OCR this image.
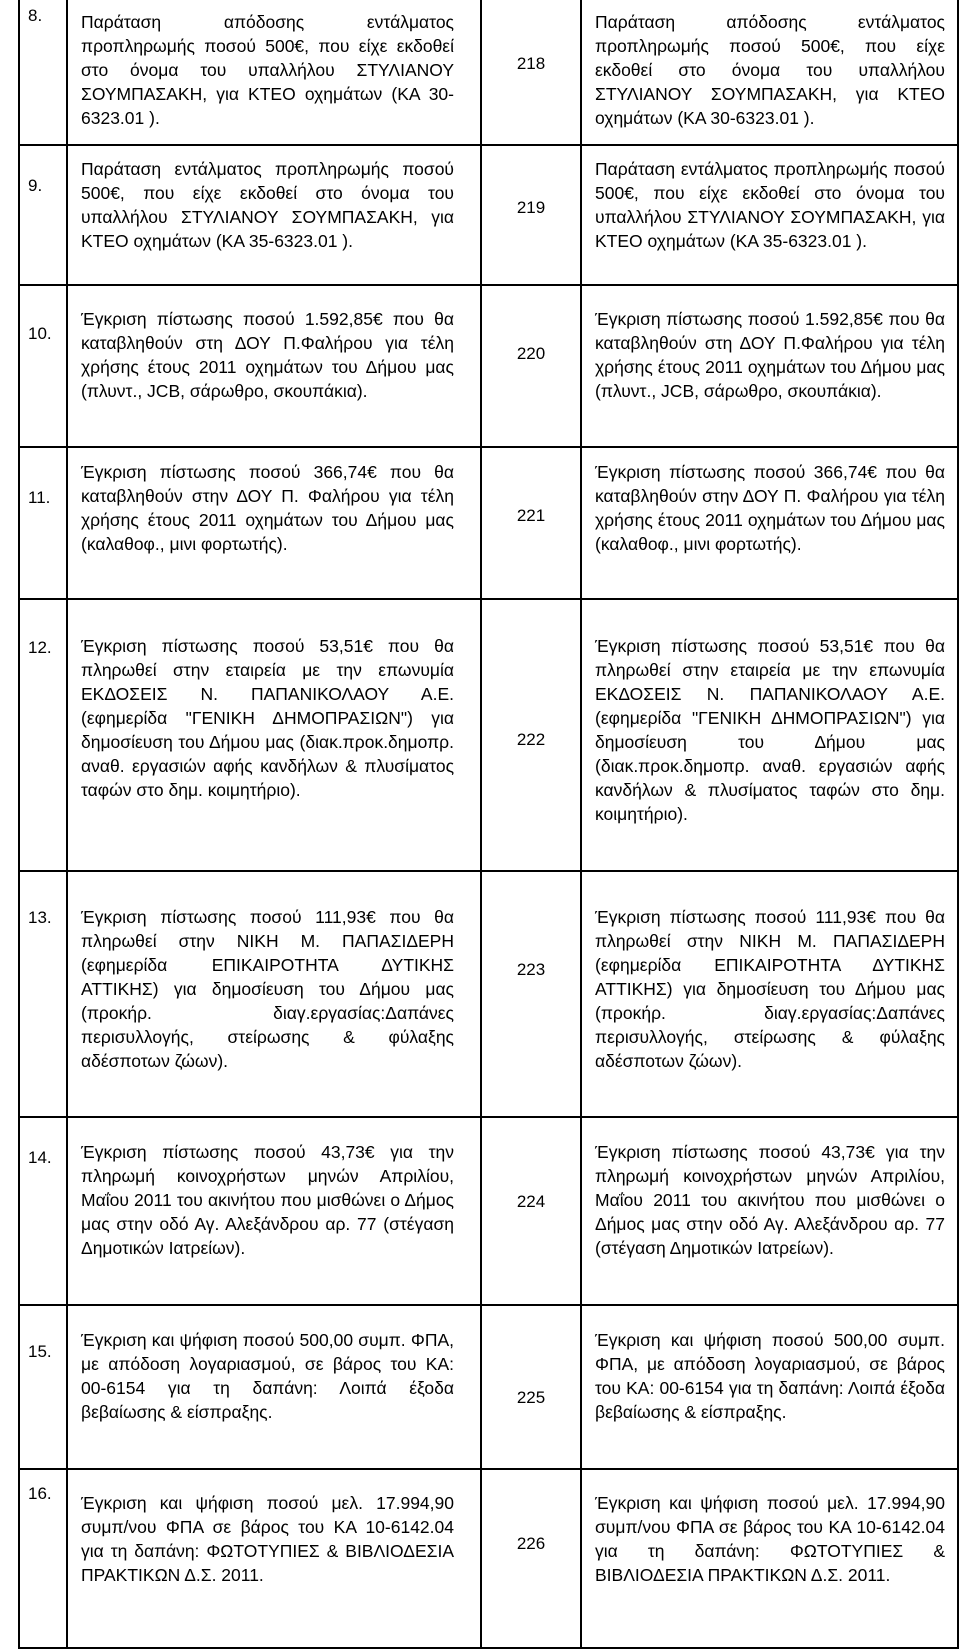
8. Παράταση απόδοσης εντάλματος προπληρωμής ποσού 500€, που είχε εκδοθεί στο όνομα του υπαλλήλου ΣΤΥΛΙΑΝΟΥ ΣΟΥΜΠΑΣΑΚΗ, για ΚΤΕΟ οχημάτων (ΚΑ 30-6323.01 ).

218

Παράταση απόδοσης εντάλματος προπληρωμής ποσού 500€, που είχε εκδοθεί στο όνομα του υπαλλήλου ΣΤΥΛΙΑΝΟΥ ΣΟΥΜΠΑΣΑΚΗ, για ΚΤΕΟ οχημάτων (ΚΑ 30-6323.01 ).

9.

Παράταση εντάλματος προπληρωμής ποσού 500€, που είχε εκδοθεί στο όνομα του υπαλλήλου ΣΤΥΛΙΑΝΟΥ ΣΟΥΜΠΑΣΑΚΗ, για ΚΤΕΟ οχημάτων (ΚΑ 35-6323.01 ).

219

Παράταση εντάλματος προπληρωμής ποσού 500€, που είχε εκδοθεί στο όνομα του υπαλλήλου ΣΤΥΛΙΑΝΟΥ ΣΟΥΜΠΑΣΑΚΗ, για ΚΤΕΟ οχημάτων (ΚΑ 35-6323.01 ).

10.

Έγκριση πίστωσης ποσού 1.592,85€ που θα καταβληθούν στη ΔΟΥ Π.Φαλήρου για τέλη χρήσης έτους 2011 οχημάτων του Δήμου μας (πλυντ., JCB, σάρωθρο, σκουπάκια).

220

Έγκριση πίστωσης ποσού 1.592,85€ που θα καταβληθούν στη ΔΟΥ Π.Φαλήρου για τέλη χρήσης έτους 2011 οχημάτων του Δήμου μας (πλυντ., JCB, σάρωθρο, σκουπάκια).

11.

Έγκριση πίστωσης ποσού 366,74€ που θα καταβληθούν στην ΔΟΥ Π. Φαλήρου για τέλη χρήσης έτους 2011 οχημάτων του Δήμου μας (καλαθοφ., μινι φορτωτής).

221

Έγκριση πίστωσης ποσού 366,74€ που θα καταβληθούν στην ΔΟΥ Π. Φαλήρου για τέλη χρήσης έτους 2011 οχημάτων του Δήμου μας (καλαθοφ., μινι φορτωτής).

12. Έγκριση πίστωσης ποσού 53,51€ που θα πληρωθεί στην εταιρεία με την επωνυμία ΕΚΔΟΣΕΙΣ Ν. ΠΑΠΑΝΙΚΟΛΑΟΥ Α.Ε. (εφημερίδα "ΓΕΝΙΚΗ ΔΗΜΟΠΡΑΣΙΩΝ") για δημοσίευση του Δήμου μας (διακ.προκ.δημοπρ. αναθ. εργασιών αφής κανδήλων & πλυσίματος ταφών στο δημ. κοιμητήριο).

222

Έγκριση πίστωσης ποσού 53,51€ που θα πληρωθεί στην εταιρεία με την επωνυμία ΕΚΔΟΣΕΙΣ Ν. ΠΑΠΑΝΙΚΟΛΑΟΥ Α.Ε. (εφημερίδα "ΓΕΝΙΚΗ ΔΗΜΟΠΡΑΣΙΩΝ") για δημοσίευση του Δήμου μας (διακ.προκ.δημοπρ. αναθ. εργασιών αφής κανδήλων & πλυσίματος ταφών στο δημ. κοιμητήριο).

13. Έγκριση πίστωσης ποσού 111,93€ που θα πληρωθεί στην ΝΙΚΗ Μ. ΠΑΠΑΣΙΔΕΡΗ (εφημερίδα ΕΠΙΚΑΙΡΟΤΗΤΑ ΔΥΤΙΚΗΣ ΑΤΤΙΚΗΣ) για δημοσίευση του Δήμου μας (προκήρ. διαγ.εργασίας:Δαπάνες περισυλλογής, στείρωσης & φύλαξης αδέσποτων ζώων).

223

Έγκριση πίστωσης ποσού 111,93€ που θα πληρωθεί στην ΝΙΚΗ Μ. ΠΑΠΑΣΙΔΕΡΗ (εφημερίδα ΕΠΙΚΑΙΡΟΤΗΤΑ ΔΥΤΙΚΗΣ ΑΤΤΙΚΗΣ) για δημοσίευση του Δήμου μας (προκήρ. διαγ.εργασίας:Δαπάνες περισυλλογής, στείρωσης & φύλαξης αδέσποτων ζώων).

14. Έγκριση πίστωσης ποσού 43,73€ για την πληρωμή κοινοχρήστων μηνών Απριλίου, Μαΐου 2011 του ακινήτου που μισθώνει ο Δήμος μας στην οδό Αγ. Αλεξάνδρου αρ. 77 (στέγαση Δημοτικών Ιατρείων).

224

Έγκριση πίστωσης ποσού 43,73€ για την πληρωμή κοινοχρήστων μηνών Απριλίου, Μαΐου 2011 του ακινήτου που μισθώνει ο Δήμος μας στην οδό Αγ. Αλεξάνδρου αρ. 77 (στέγαση Δημοτικών Ιατρείων).

15.

Έγκριση και ψήφιση ποσού 500,00 συμπ. ΦΠΑ, με απόδοση λογαριασμού, σε βάρος του ΚΑ: 00-6154 για τη δαπάνη: Λοιπά έξοδα βεβαίωσης & είσπραξης.

225

Έγκριση και ψήφιση ποσού 500,00 συμπ. ΦΠΑ, με απόδοση λογαριασμού, σε βάρος του ΚΑ: 00-6154 για τη δαπάνη: Λοιπά έξοδα βεβαίωσης & είσπραξης.

16. Έγκριση και ψήφιση ποσού μελ. 17.994,90 συμπ/νου ΦΠΑ σε βάρος του ΚΑ 10-6142.04 για τη δαπάνη: ΦΩΤΟΤΥΠΙΕΣ & ΒΙΒΛΙΟΔΕΣΙΑ ΠΡΑΚΤΙΚΩΝ Δ.Σ. 2011.

226

Έγκριση και ψήφιση ποσού μελ. 17.994,90 συμπ/νου ΦΠΑ σε βάρος του ΚΑ 10-6142.04 για τη δαπάνη: ΦΩΤΟΤΥΠΙΕΣ & ΒΙΒΛΙΟΔΕΣΙΑ ΠΡΑΚΤΙΚΩΝ Δ.Σ. 2011.
